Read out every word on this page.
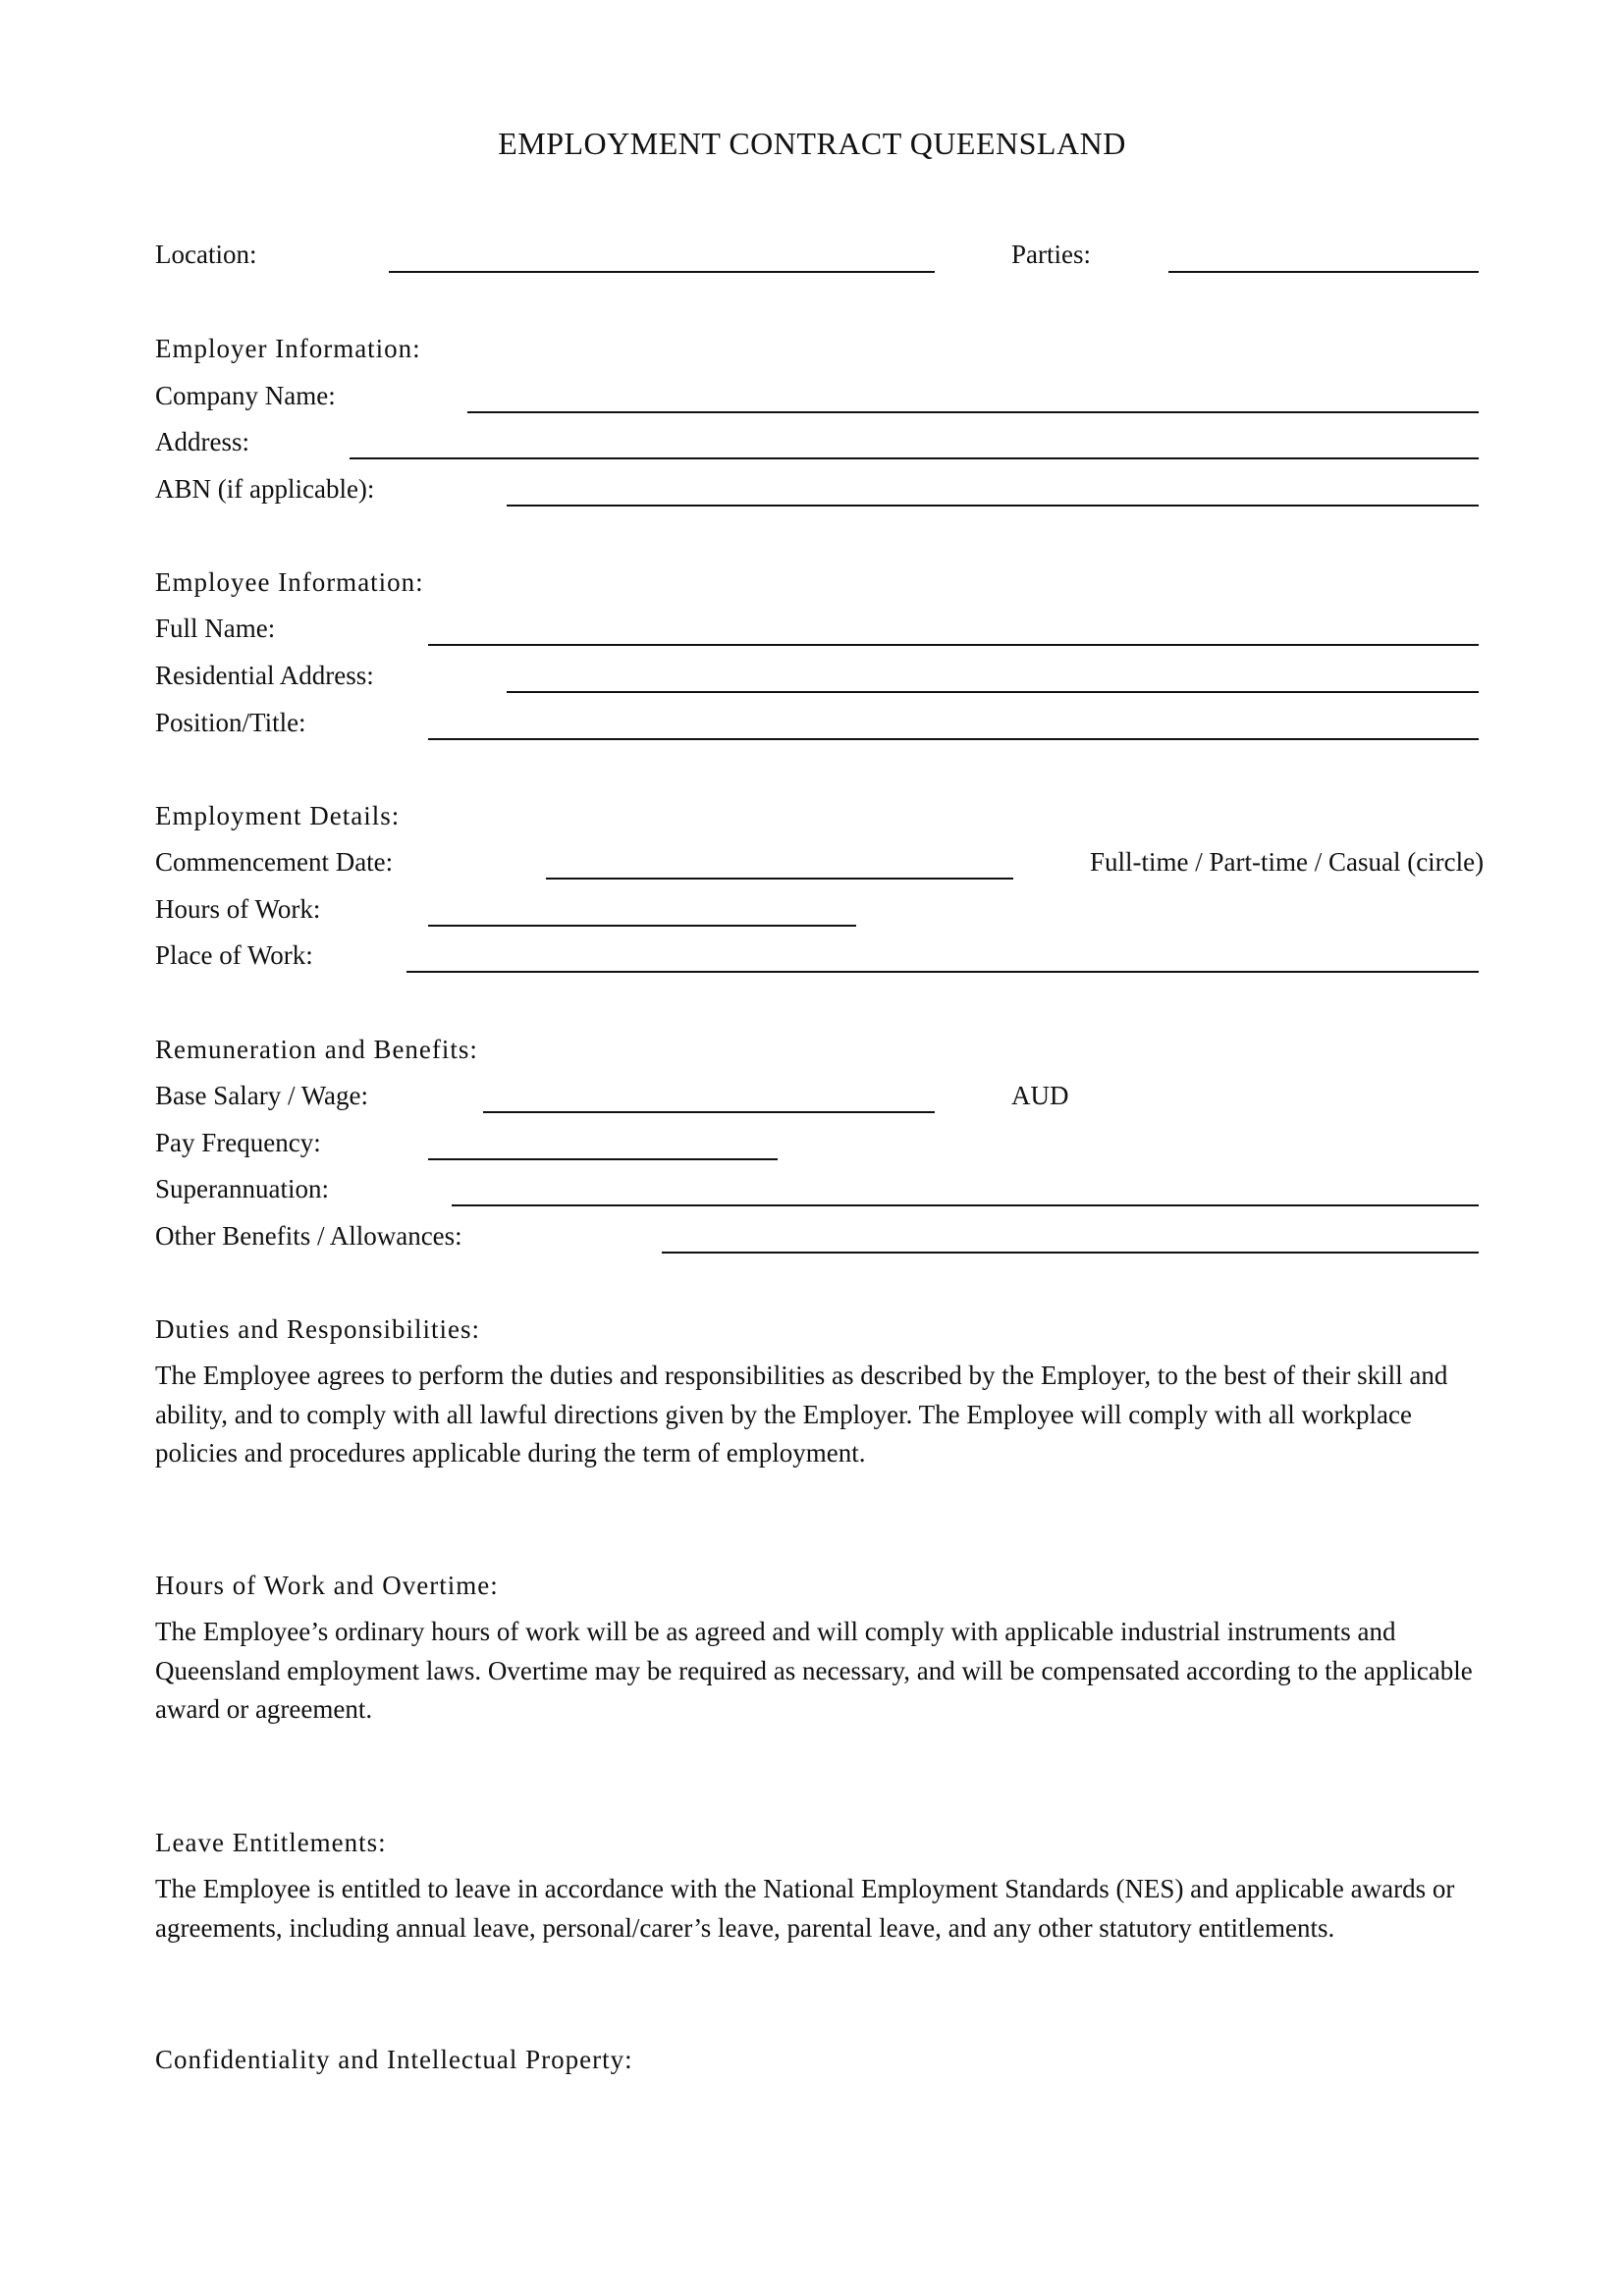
EMPLOYMENT CONTRACT QUEENSLAND
Location:	Parties:
Employer Information:
Company Name:
Address:
ABN (if applicable):
Employee Information:
Full Name:
Residential Address:
Position/Title:
Employment Details:
Commencement Date:	Full-time / Part-time / Casual (circle)
Hours of Work:
Place of Work:
Remuneration and Benefits:
Base Salary / Wage:	AUD
Pay Frequency:
Superannuation:
Other Benefits / Allowances:
Duties and Responsibilities:
The Employee agrees to perform the duties and responsibilities as described by the Employer, to the best of their skill and ability, and to comply with all lawful directions given by the Employer. The Employee will comply with all workplace policies and procedures applicable during the term of employment.
Hours of Work and Overtime:
The Employee’s ordinary hours of work will be as agreed and will comply with applicable industrial instruments and Queensland employment laws. Overtime may be required as necessary, and will be compensated according to the applicable award or agreement.
Leave Entitlements:
The Employee is entitled to leave in accordance with the National Employment Standards (NES) and applicable awards or agreements, including annual leave, personal/carer’s leave, parental leave, and any other statutory entitlements.
Confidentiality and Intellectual Property:
